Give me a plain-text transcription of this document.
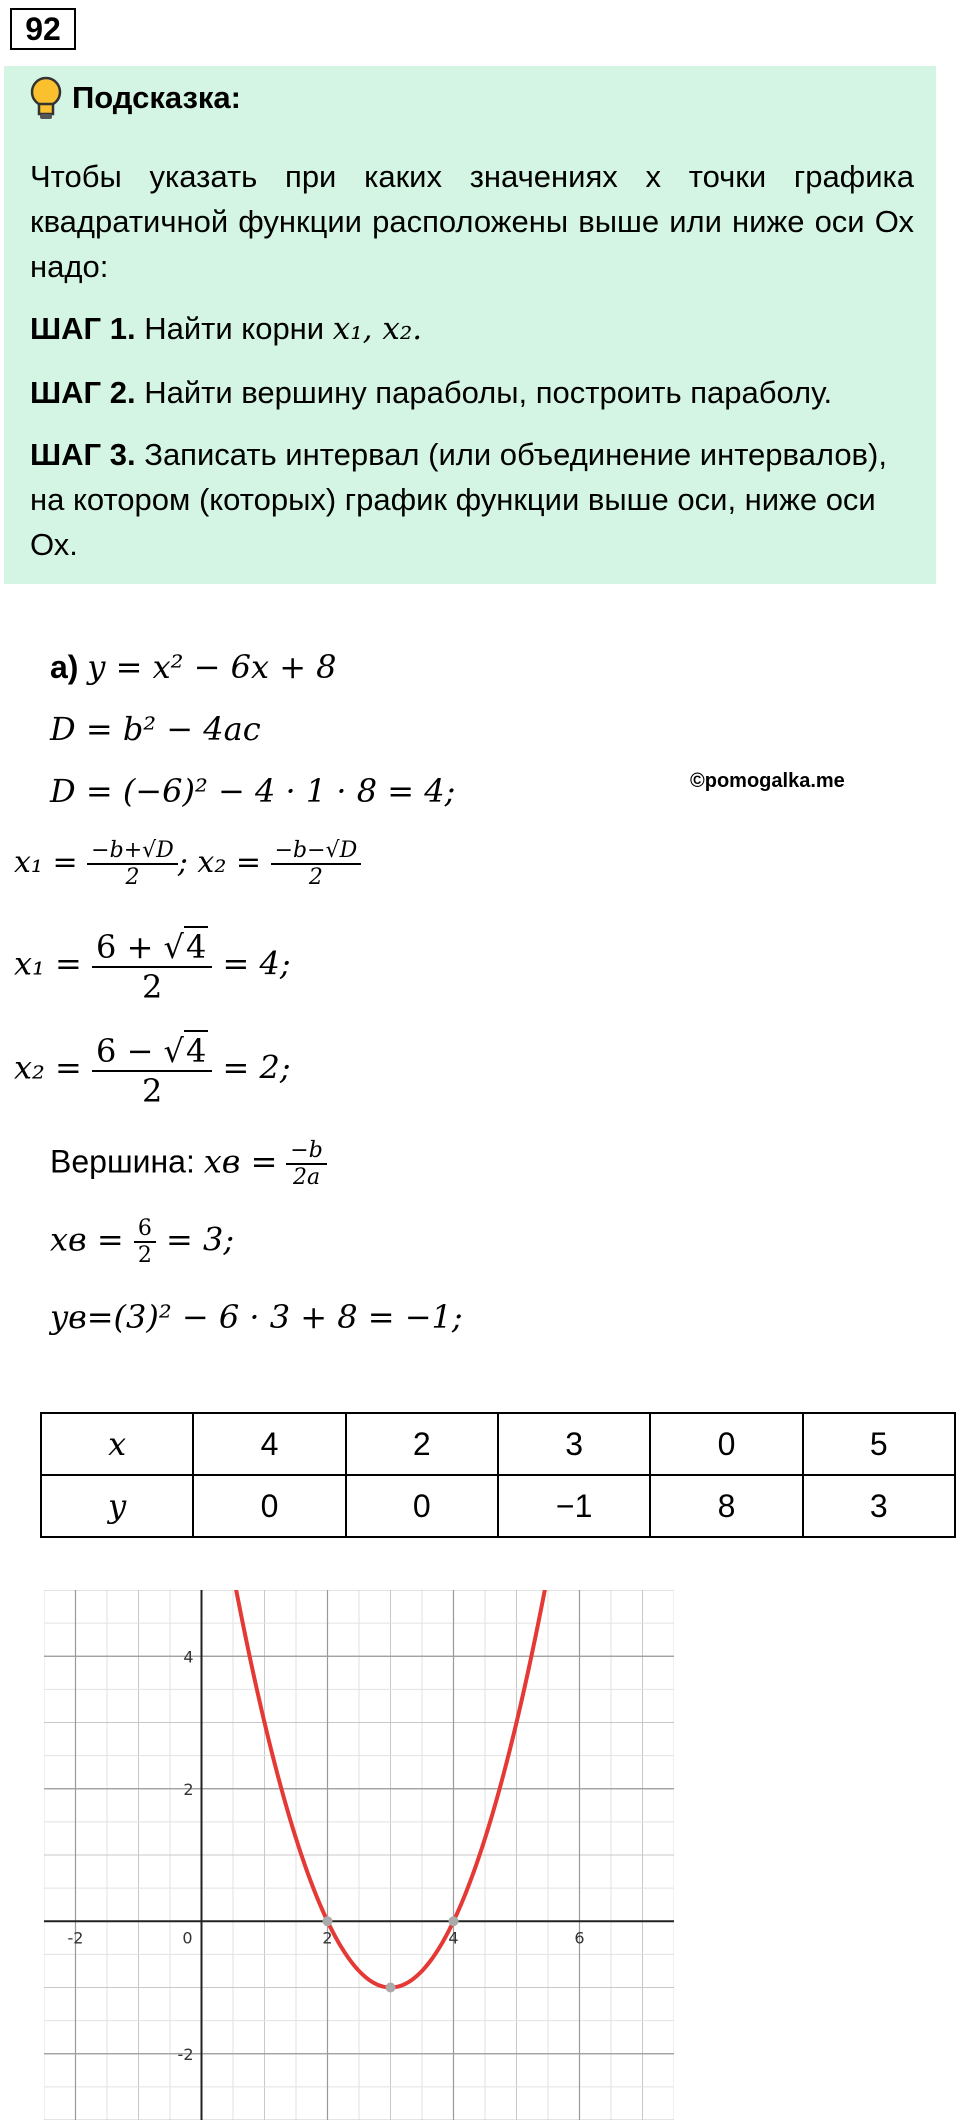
92
Подсказка:
Чтобы указать при каких значениях x точки графика квадратичной функции расположены выше или ниже оси Ох надо:
ШАГ 1. Найти корни x₁, x₂.
ШАГ 2. Найти вершину параболы, построить параболу.
ШАГ 3. Записать интервал (или объединение интервалов), на котором (которых) график функции выше оси, ниже оси Ох.
а) y = x² − 6x + 8
D = b² − 4ac
D = (−6)² − 4 · 1 · 8 = 4;	©pomogalka.me
$x_1 = \frac{-b+√D}{2}$ ; $x_2 = \frac{-b-√D}{2}$
$x_1 = \frac{6 + √4}{2} = 4$;
$x_2 = \frac{6 - √4}{2} = 2$;
Вершина: xв = $\frac{-b}{2a}$
xв = $\frac{6}{2} = 3$;
yв=(3)² − 6 · 3 + 8 = −1;
x	4	2	3	0	5
y	0	0	−1	8	3
-2	0	2	4	6
4
2
-2
